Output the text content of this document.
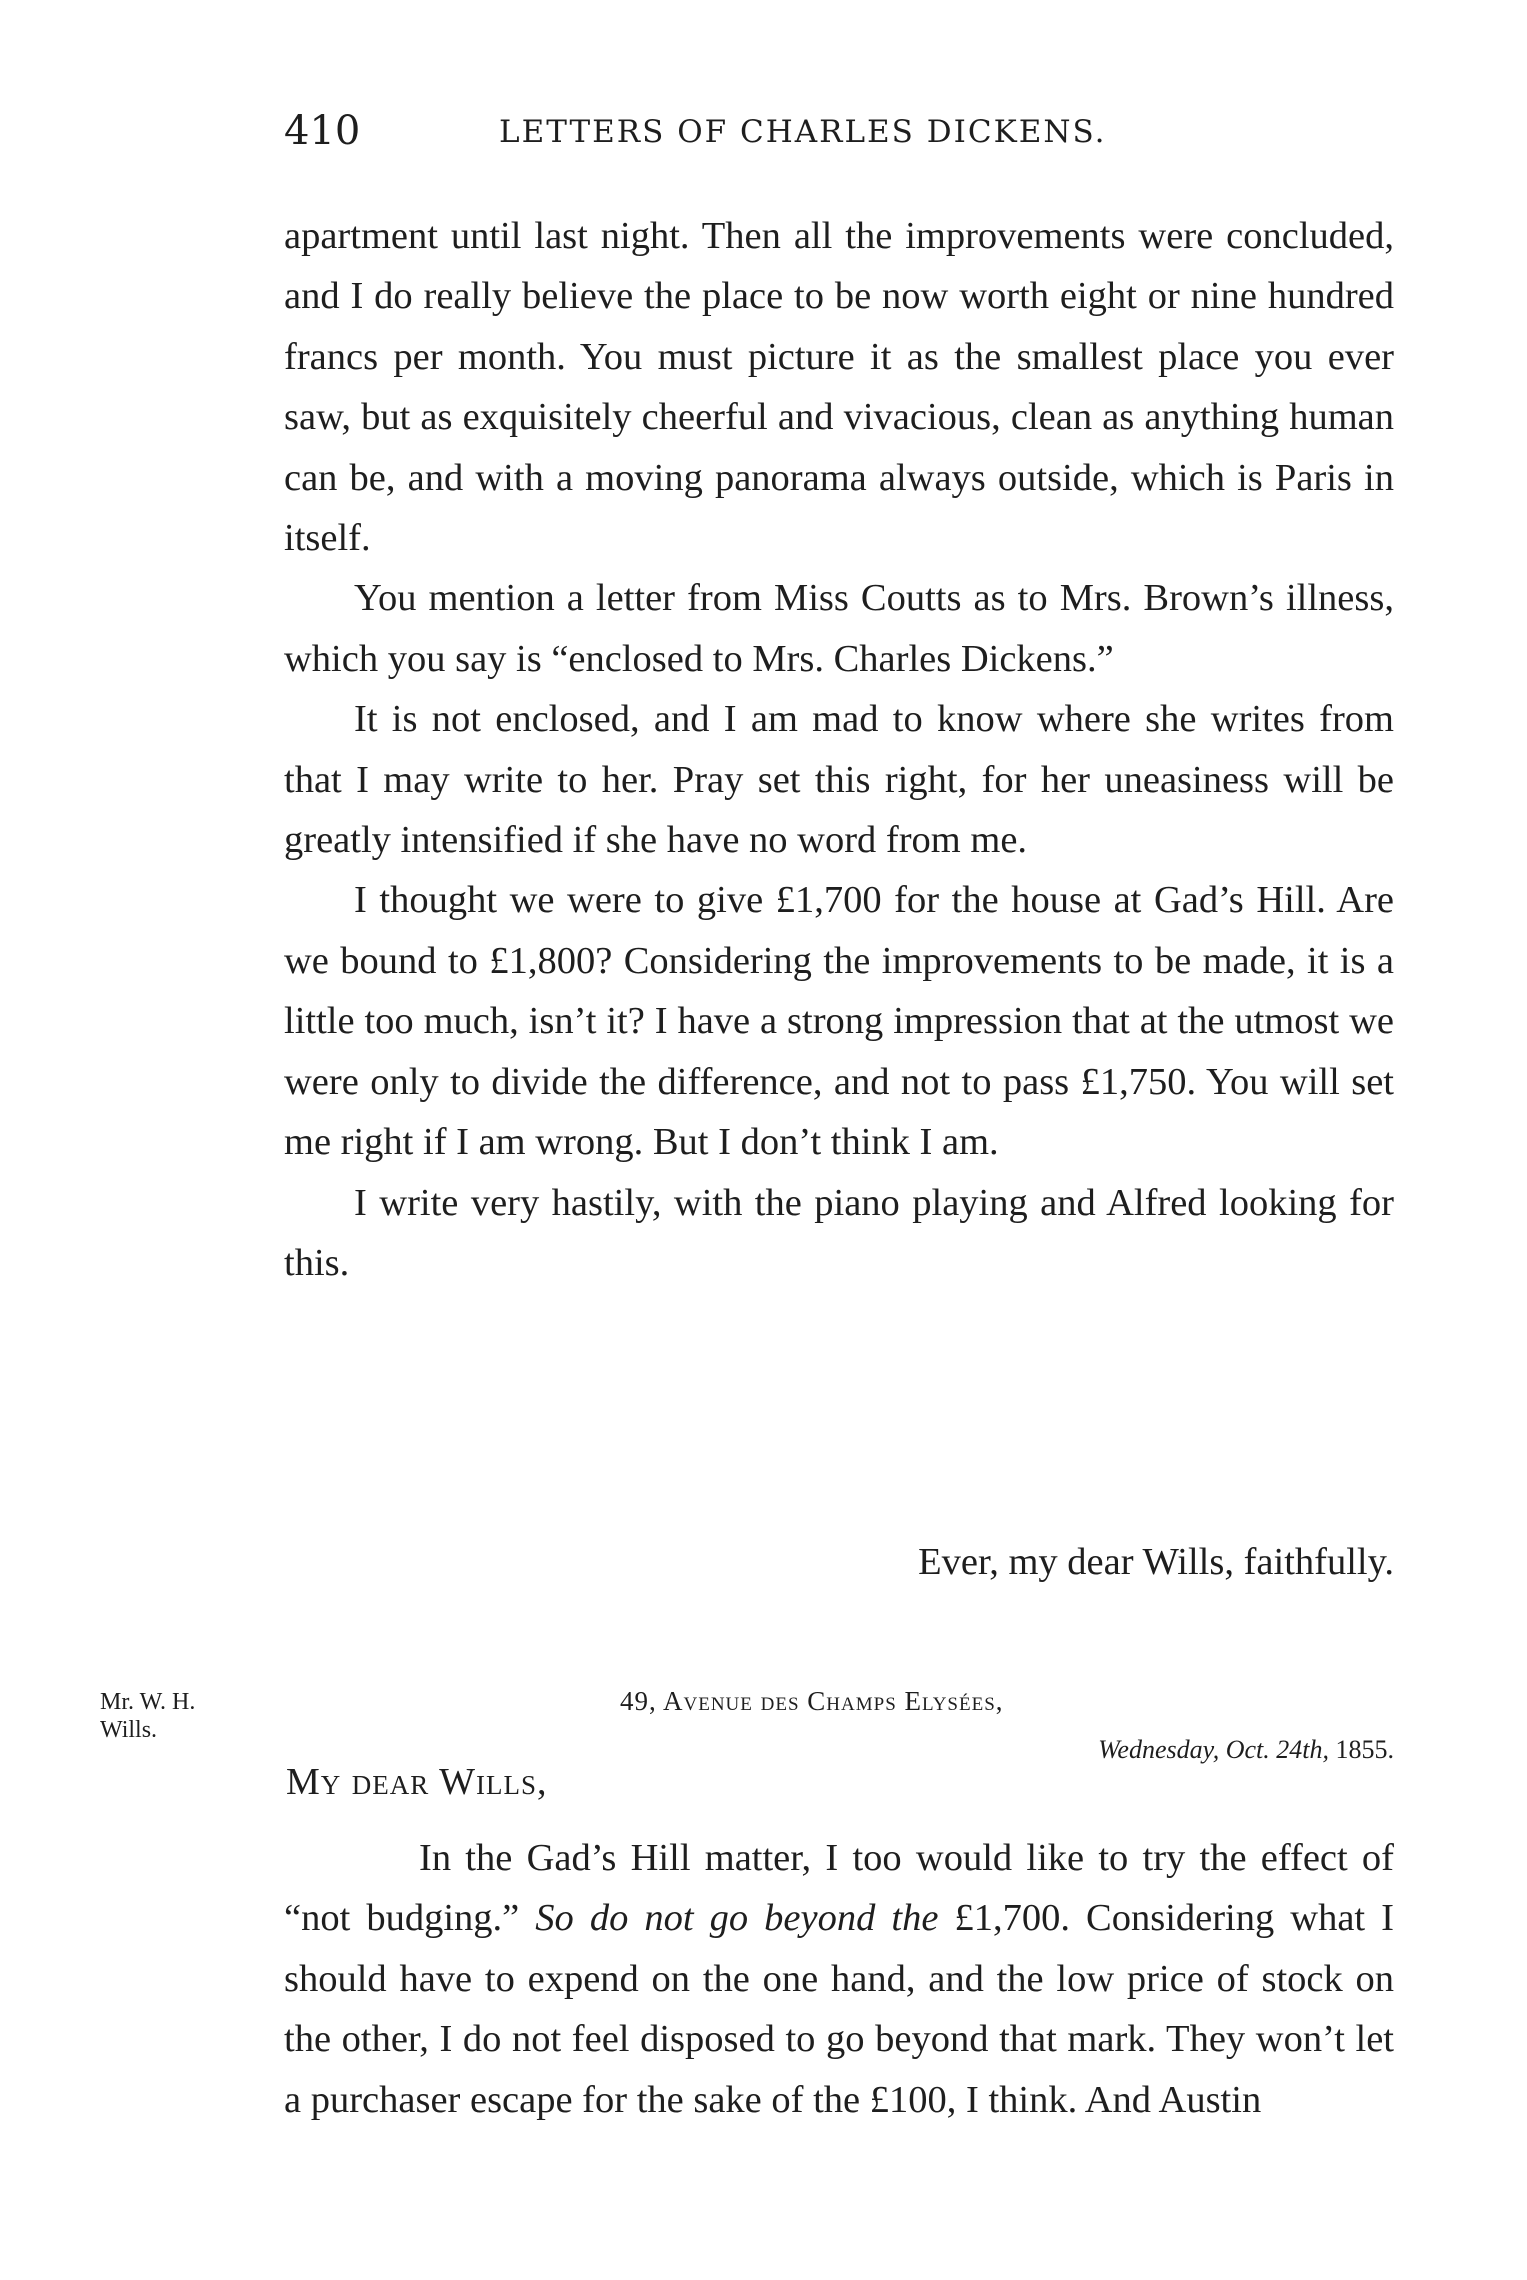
410	LETTERS OF CHARLES DICKENS.

apartment until last night. Then all the improvements were concluded, and I do really believe the place to be now worth eight or nine hundred francs per month. You must picture it as the smallest place you ever saw, but as exquisitely cheerful and vivacious, clean as anything human can be, and with a moving panorama always outside, which is Paris in itself.

You mention a letter from Miss Coutts as to Mrs. Brown’s illness, which you say is “enclosed to Mrs. Charles Dickens.”

It is not enclosed, and I am mad to know where she writes from that I may write to her. Pray set this right, for her uneasiness will be greatly intensified if she have no word from me.

I thought we were to give £1,700 for the house at Gad’s Hill. Are we bound to £1,800? Considering the improvements to be made, it is a little too much, isn’t it? I have a strong impression that at the utmost we were only to divide the difference, and not to pass £1,750. You will set me right if I am wrong. But I don’t think I am.

I write very hastily, with the piano playing and Alfred looking for this.

Ever, my dear Wills, faithfully.
Mr. W. H.
Wills.
49, Avenue des Champs Elysées,
Wednesday, Oct. 24th, 1855.
My dear Wills,

In the Gad’s Hill matter, I too would like to try the effect of “not budging.” So do not go beyond the £1,700. Considering what I should have to expend on the one hand, and the low price of stock on the other, I do not feel disposed to go beyond that mark. They won’t let a purchaser escape for the sake of the £100, I think. And Austin
